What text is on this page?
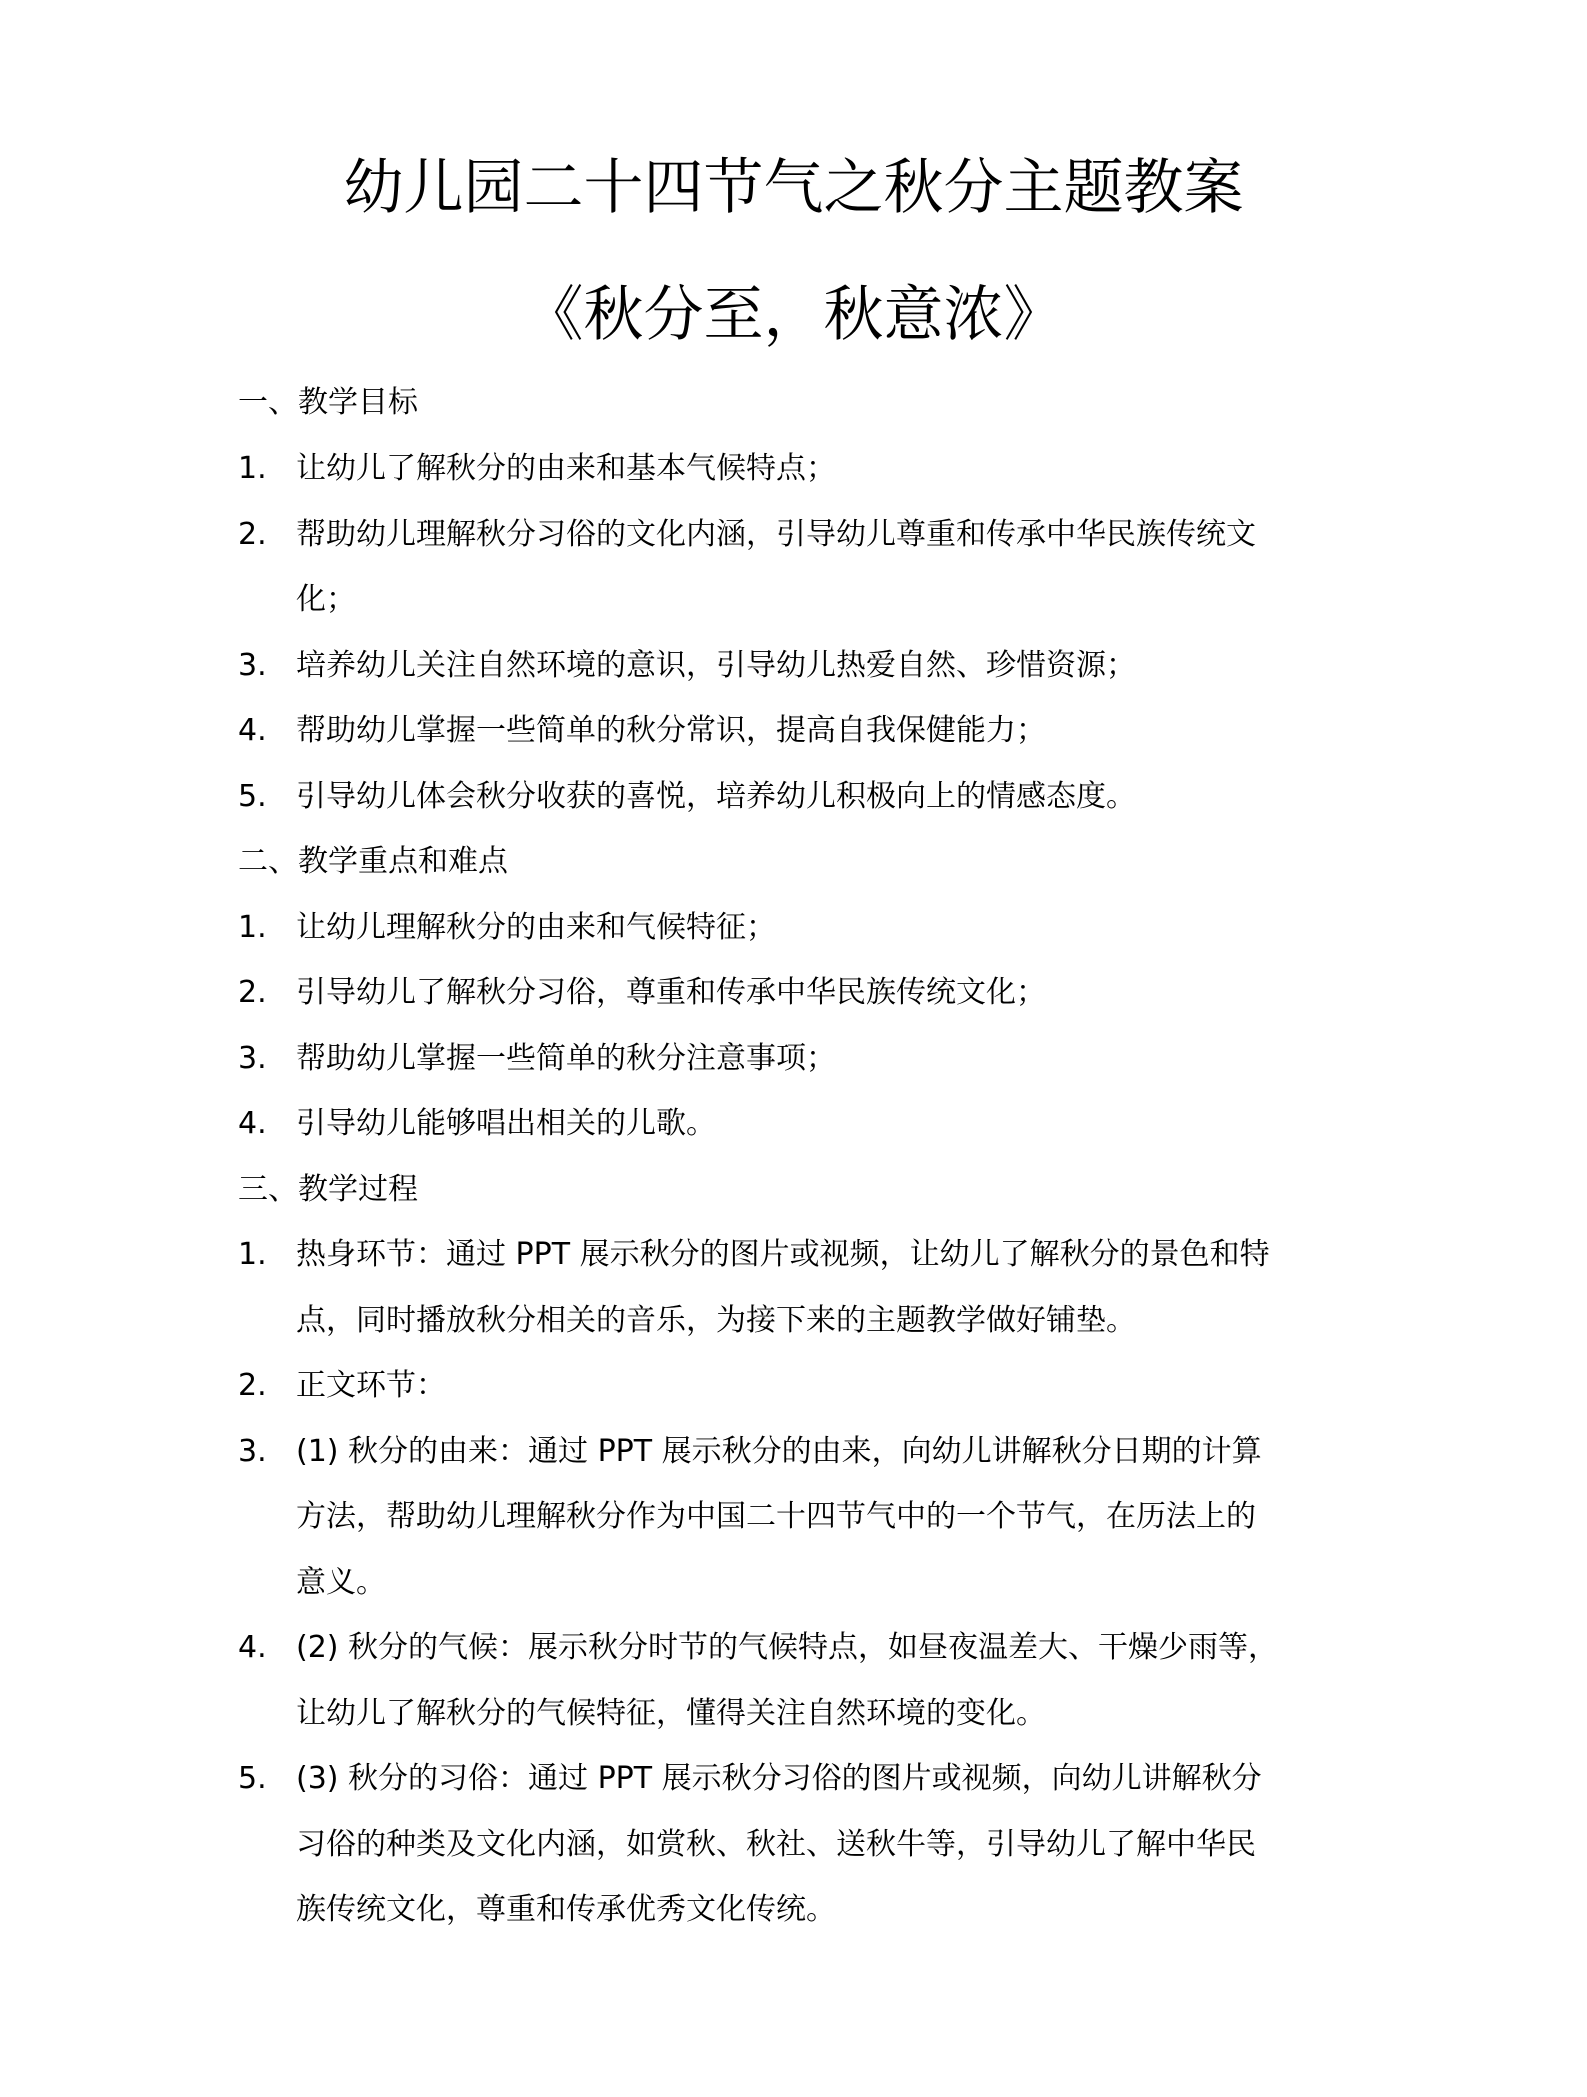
幼儿园二十四节气之秋分主题教案
《秋分至，秋意浓》
一、教学目标
1. 让幼儿了解秋分的由来和基本气候特点；
2. 帮助幼儿理解秋分习俗的文化内涵，引导幼儿尊重和传承中华民族传统文
化；
3. 培养幼儿关注自然环境的意识，引导幼儿热爱自然、珍惜资源；
4. 帮助幼儿掌握一些简单的秋分常识，提高自我保健能力；
5. 引导幼儿体会秋分收获的喜悦，培养幼儿积极向上的情感态度。
二、教学重点和难点
1. 让幼儿理解秋分的由来和气候特征；
2. 引导幼儿了解秋分习俗，尊重和传承中华民族传统文化；
3. 帮助幼儿掌握一些简单的秋分注意事项；
4. 引导幼儿能够唱出相关的儿歌。
三、教学过程
1. 热身环节：通过 PPT 展示秋分的图片或视频，让幼儿了解秋分的景色和特
点，同时播放秋分相关的音乐，为接下来的主题教学做好铺垫。
2. 正文环节：
3. (1) 秋分的由来：通过 PPT 展示秋分的由来，向幼儿讲解秋分日期的计算
方法，帮助幼儿理解秋分作为中国二十四节气中的一个节气，在历法上的
意义。
4. (2) 秋分的气候：展示秋分时节的气候特点，如昼夜温差大、干燥少雨等，
让幼儿了解秋分的气候特征，懂得关注自然环境的变化。
5. (3) 秋分的习俗：通过 PPT 展示秋分习俗的图片或视频，向幼儿讲解秋分
习俗的种类及文化内涵，如赏秋、秋社、送秋牛等，引导幼儿了解中华民
族传统文化，尊重和传承优秀文化传统。
